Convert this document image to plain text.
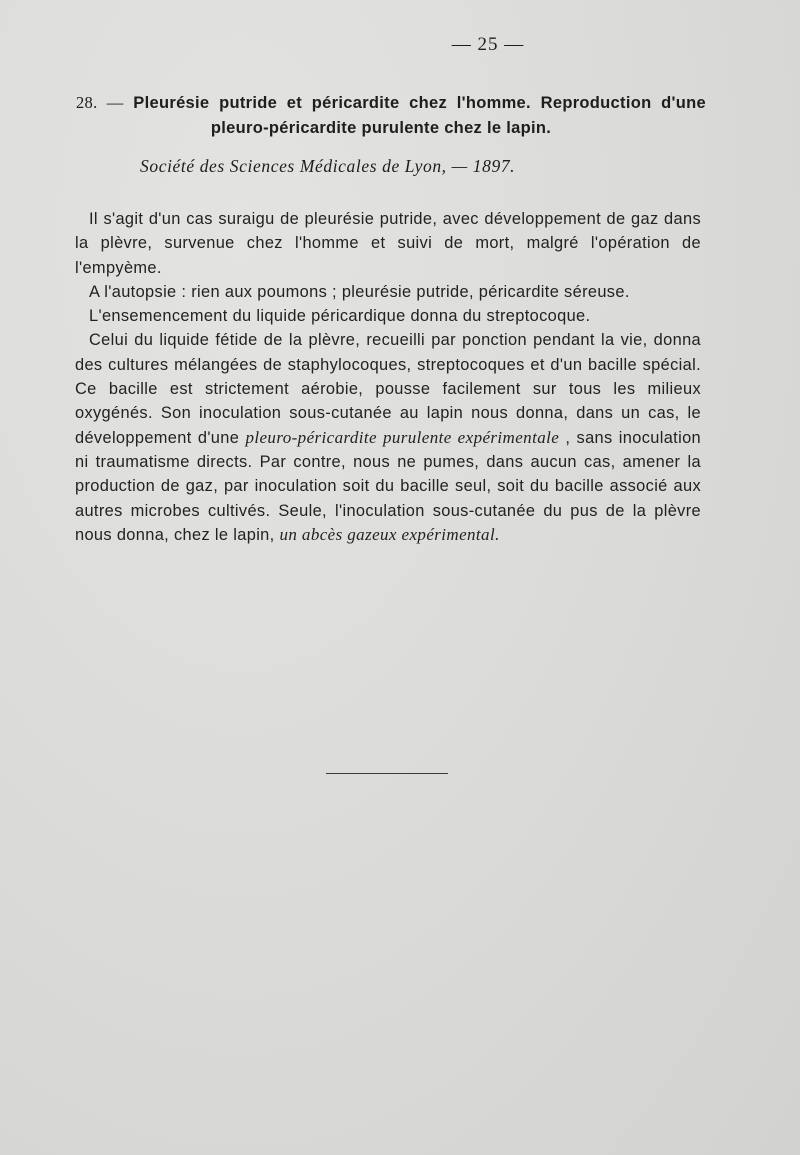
— 25 —
28. — Pleurésie putride et péricardite chez l'homme. Reproduction d'une
pleuro-péricardite purulente chez le lapin.
Société des Sciences Médicales de Lyon, — 1897.

Il s'agit d'un cas suraigu de pleurésie putride, avec développement de gaz dans la plèvre, survenue chez l'homme et suivi de mort, malgré l'opération de l'empyème.

A l'autopsie : rien aux poumons ; pleurésie putride, péricardite séreuse.

L'ensemencement du liquide péricardique donna du streptocoque.

Celui du liquide fétide de la plèvre, recueilli par ponction pendant la vie, donna des cultures mélangées de staphylocoques, streptocoques et d'un bacille spécial. Ce bacille est strictement aérobie, pousse facilement sur tous les milieux oxygénés. Son inoculation sous-cutanée au lapin nous donna, dans un cas, le développement d'une pleuro-péricardite purulente expérimentale , sans inoculation ni traumatisme directs. Par contre, nous ne pumes, dans aucun cas, amener la production de gaz, par inoculation soit du bacille seul, soit du bacille associé aux autres microbes cultivés. Seule, l'inoculation sous-cutanée du pus de la plèvre nous donna, chez le lapin, un abcès gazeux expérimental.
